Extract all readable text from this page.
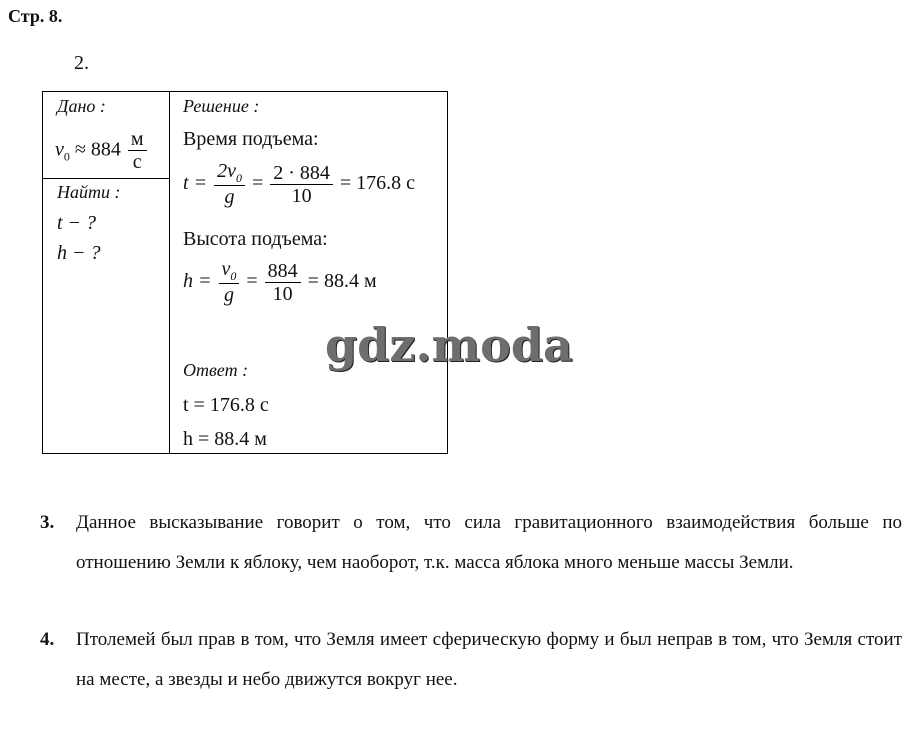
Стр. 8.
2.
Дано :
$v_0 \approx 884 \frac{м}{с}$
Найти :
t − ?
h − ?
Решение :
Время подъема:
$t = \frac{2v_0}{g} = \frac{2 \cdot 884}{10} = 176.8$ с
Высота подъема:
$h = \frac{v_0}{g} = \frac{884}{10} = 88.4$ м
Ответ :
t = 176.8 с
h = 88.4 м
gdz.moda
3. Данное высказывание говорит о том, что сила гравитационного взаимодействия больше по отношению Земли к яблоку, чем наоборот, т.к. масса яблока много меньше массы Земли.
4. Птолемей был прав в том, что Земля имеет сферическую форму и был неправ в том, что Земля стоит на месте, а звезды и небо движутся вокруг нее.
